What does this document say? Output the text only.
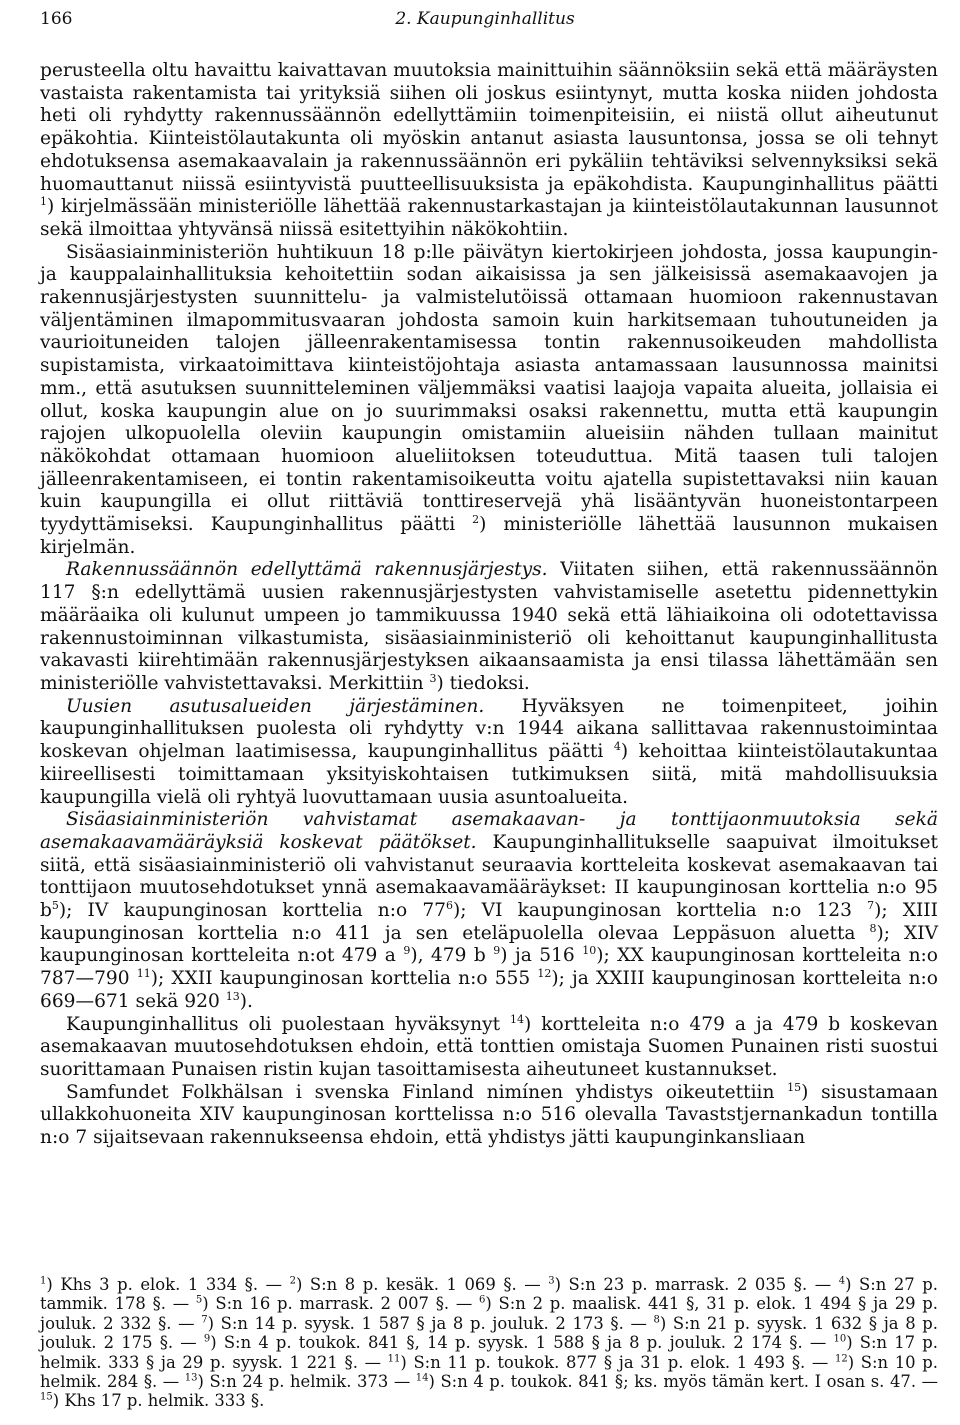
166	2. Kaupunginhallitus

perusteella oltu havaittu kaivattavan muutoksia mainittuihin säännöksiin sekä että määräysten vastaista rakentamista tai yrityksiä siihen oli joskus esiintynyt, mutta koska niiden johdosta heti oli ryhdytty rakennussäännön edellyttämiin toimenpiteisiin, ei niistä ollut aiheutunut epäkohtia. Kiinteistölautakunta oli myöskin antanut asiasta lausuntonsa, jossa se oli tehnyt ehdotuksensa asemakaavalain ja rakennussäännön eri pykäliin tehtäviksi selvennyksiksi sekä huomauttanut niissä esiintyvistä puutteellisuuksista ja epäkohdista. Kaupunginhallitus päätti $^1$) kirjelmässään ministeriölle lähettää rakennustarkastajan ja kiinteistölautakunnan lausunnot sekä ilmoittaa yhtyvänsä niissä esitettyihin näkökohtiin.

Sisäasiainministeriön huhtikuun 18 p:lle päivätyn kiertokirjeen johdosta, jossa kaupungin- ja kauppalainhallituksia kehoitettiin sodan aikaisissa ja sen jälkeisissä asemakaavojen ja rakennusjärjestysten suunnittelu- ja valmistelutöissä ottamaan huomioon rakennustavan väljentäminen ilmapommitusvaaran johdosta samoin kuin harkitsemaan tuhoutuneiden ja vaurioituneiden talojen jälleenrakentamisessa tontin rakennusoikeuden mahdollista supistamista, virkaatoimittava kiinteistöjohtaja asiasta antamassaan lausunnossa mainitsi mm., että asutuksen suunnitteleminen väljemmäksi vaatisi laajoja vapaita alueita, jollaisia ei ollut, koska kaupungin alue on jo suurimmaksi osaksi rakennettu, mutta että kaupungin rajojen ulkopuolella oleviin kaupungin omistamiin alueisiin nähden tullaan mainitut näkökohdat ottamaan huomioon alueliitoksen toteuduttua. Mitä taasen tuli talojen jälleenrakentamiseen, ei tontin rakentamisoikeutta voitu ajatella supistettavaksi niin kauan kuin kaupungilla ei ollut riittäviä tonttireservejä yhä lisääntyvän huoneistontarpeen tyydyttämiseksi. Kaupunginhallitus päätti $^2$) ministeriölle lähettää lausunnon mukaisen kirjelmän.

Rakennussäännön edellyttämä rakennusjärjestys. Viitaten siihen, että rakennussäännön 117 §:n edellyttämä uusien rakennusjärjestysten vahvistamiselle asetettu pidennettykin määräaika oli kulunut umpeen jo tammikuussa 1940 sekä että lähiaikoina oli odotettavissa rakennustoiminnan vilkastumista, sisäasiainministeriö oli kehoittanut kaupunginhallitusta vakavasti kiirehtimään rakennusjärjestyksen aikaansaamista ja ensi tilassa lähettämään sen ministeriölle vahvistettavaksi. Merkittiin $^3$) tiedoksi.

Uusien asutusalueiden järjestäminen. Hyväksyen ne toimenpiteet, joihin kaupunginhallituksen puolesta oli ryhdytty v:n 1944 aikana sallittavaa rakennustoimintaa koskevan ohjelman laatimisessa, kaupunginhallitus päätti $^4$) kehoittaa kiinteistölautakuntaa kiireellisesti toimittamaan yksityiskohtaisen tutkimuksen siitä, mitä mahdollisuuksia kaupungilla vielä oli ryhtyä luovuttamaan uusia asuntoalueita.

Sisäasiainministeriön vahvistamat asemakaavan- ja tonttijaonmuutoksia sekä asemakaavamääräyksiä koskevat päätökset. Kaupunginhallitukselle saapuivat ilmoitukset siitä, että sisäasiainministeriö oli vahvistanut seuraavia kortteleita koskevat asemakaavan tai tonttijaon muutosehdotukset ynnä asemakaavamääräykset: II kaupunginosan korttelia n:o 95 $b^5$); IV kaupunginosan korttelia n:o $77^6$); VI kaupunginosan korttelia n:o 123 $^7$); XIII kaupunginosan korttelia n:o 411 ja sen eteläpuolella olevaa Leppäsuon aluetta $^8$); XIV kaupunginosan kortteleita n:ot 479 a $^9$), 479 b $^9$) ja 516 $^{10}$); XX kaupunginosan kortteleita n:o 787—790 $^{11}$); XXII kaupunginosan korttelia n:o 555 $^{12}$); ja XXIII kaupunginosan kortteleita n:o 669—671 sekä 920 $^{13}$).

Kaupunginhallitus oli puolestaan hyväksynyt $^{14}$) kortteleita n:o 479 a ja 479 b koskevan asemakaavan muutosehdotuksen ehdoin, että tonttien omistaja Suomen Punainen risti suostui suorittamaan Punaisen ristin kujan tasoittamisesta aiheutuneet kustannukset.

Samfundet Folkhälsan i svenska Finland nimínen yhdistys oikeutettiin $^{15}$) sisustamaan ullakkohuoneita XIV kaupunginosan korttelissa n:o 516 olevalla Tavaststjernankadun tontilla n:o 7 sijaitsevaan rakennukseensa ehdoin, että yhdistys jätti kaupunginkansliaan

$^1$) Khs 3 p. elok. 1 334 §. — $^2$) S:n 8 p. kesäk. 1 069 §. — $^3$) S:n 23 p. marrask. 2 035 §. — $^4$) S:n 27 p. tammik. 178 §. — $^5$) S:n 16 p. marrask. 2 007 §. — $^6$) S:n 2 p. maalisk. 441 §, 31 p. elok. 1 494 § ja 29 p. jouluk. 2 332 §. — $^7$) S:n 14 p. syysk. 1 587 § ja 8 p. jouluk. 2 173 §. — $^8$) S:n 21 p. syysk. 1 632 § ja 8 p. jouluk. 2 175 §. — $^9$) S:n 4 p. toukok. 841 §, 14 p. syysk. 1 588 § ja 8 p. jouluk. 2 174 §. — $^{10}$) S:n 17 p. helmik. 333 § ja 29 p. syysk. 1 221 §. — $^{11}$) S:n 11 p. toukok. 877 § ja 31 p. elok. 1 493 §. — $^{12}$) S:n 10 p. helmik. 284 §. — $^{13}$) S:n 24 p. helmik. 373 — $^{14}$) S:n 4 p. toukok. 841 §; ks. myös tämän kert. I osan s. 47. — $^{15}$) Khs 17 p. helmik. 333 §.
